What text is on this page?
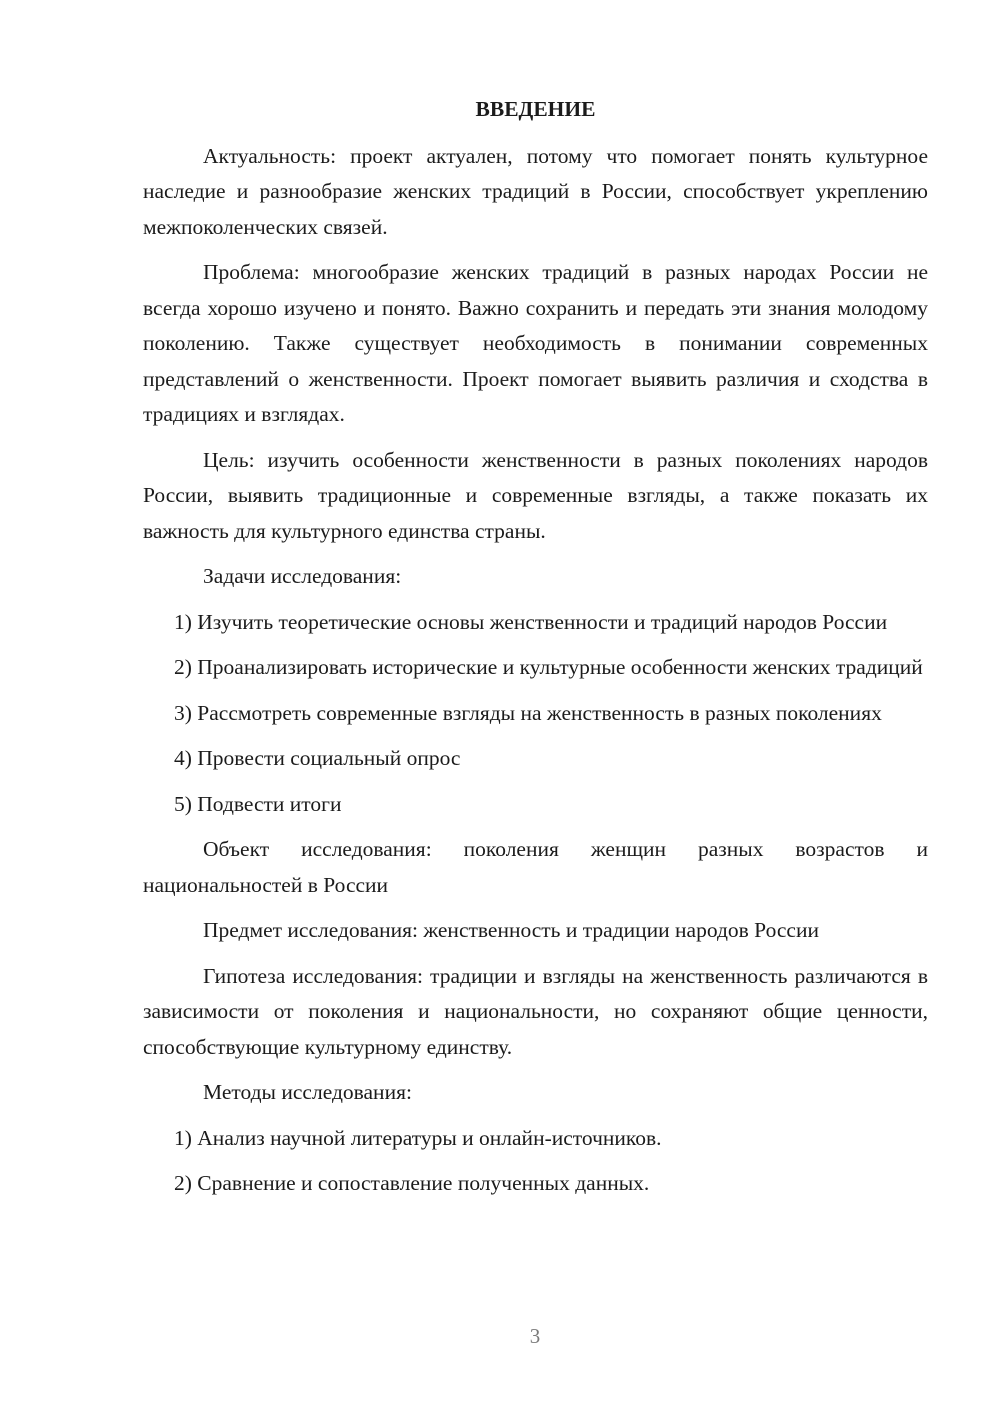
ВВЕДЕНИЕ

Актуальность: проект актуален, потому что помогает понять культурное наследие и разнообразие женских традиций в России, способствует укреплению межпоколенческих связей.

Проблема: многообразие женских традиций в разных народах России не всегда хорошо изучено и понято. Важно сохранить и передать эти знания молодому поколению. Также существует необходимость в понимании современных представлений о женственности. Проект помогает выявить различия и сходства в традициях и взглядах.

Цель: изучить особенности женственности в разных поколениях народов России, выявить традиционные и современные взгляды, а также показать их важность для культурного единства страны.

Задачи исследования:

1) Изучить теоретические основы женственности и традиций народов России

2) Проанализировать исторические и культурные особенности женских традиций

3) Рассмотреть современные взгляды на женственность в разных поколениях

4) Провести социальный опрос

5) Подвести итоги

Объект исследования: поколения женщин разных возрастов и национальностей в России

Предмет исследования: женственность и традиции народов России

Гипотеза исследования: традиции и взгляды на женственность различаются в зависимости от поколения и национальности, но сохраняют общие ценности, способствующие культурному единству.

Методы исследования:

1) Анализ научной литературы и онлайн-источников.

2) Сравнение и сопоставление полученных данных.

3
